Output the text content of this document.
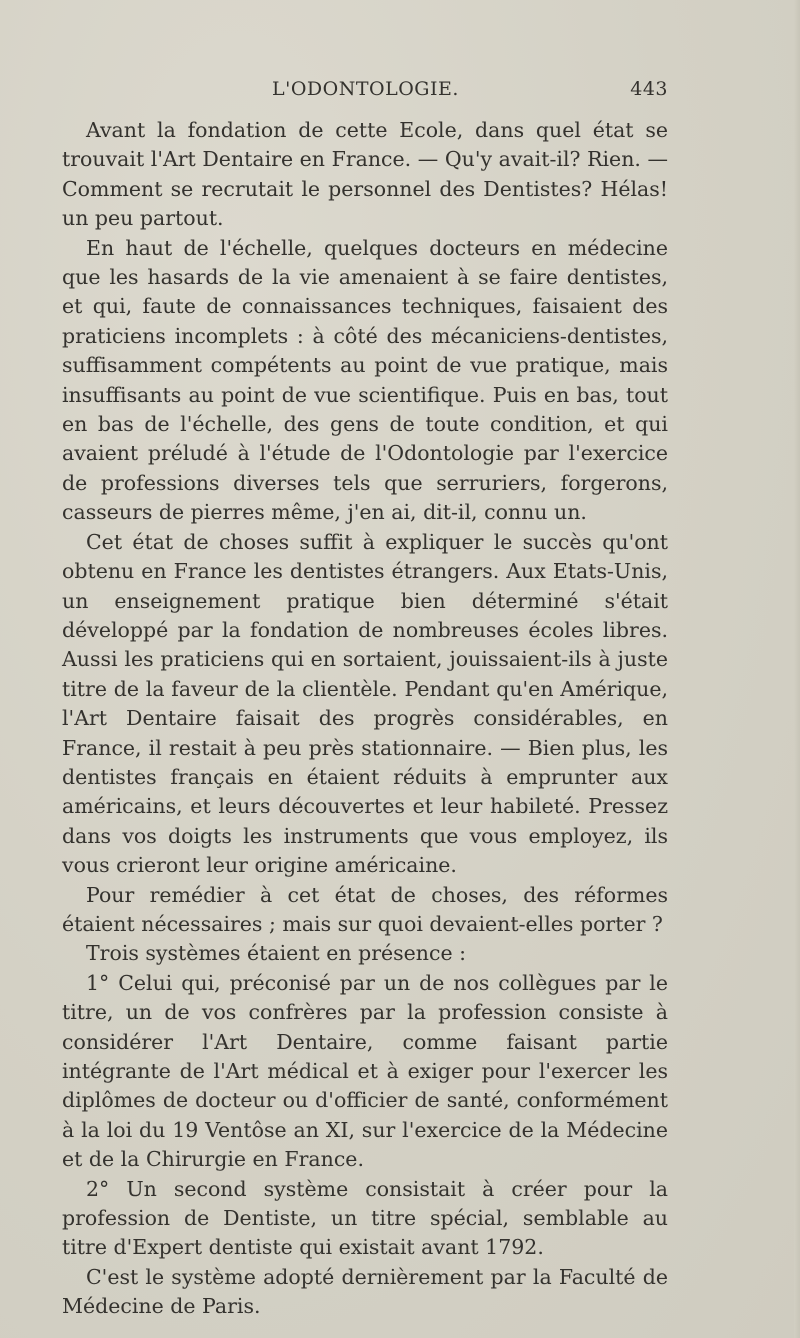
L'ODONTOLOGIE.	443

Avant la fondation de cette Ecole, dans quel état se trouvait l'Art Dentaire en France. — Qu'y avait-il? Rien. — Comment se recrutait le personnel des Dentistes? Hélas! un peu partout.

En haut de l'échelle, quelques docteurs en médecine que les hasards de la vie amenaient à se faire dentistes, et qui, faute de connaissances techniques, faisaient des praticiens incomplets : à côté des mécaniciens-dentistes, suffisamment compétents au point de vue pratique, mais insuffisants au point de vue scientifique. Puis en bas, tout en bas de l'échelle, des gens de toute condition, et qui avaient préludé à l'étude de l'Odontologie par l'exercice de professions diverses tels que serruriers, forgerons, casseurs de pierres même, j'en ai, dit-il, connu un.

Cet état de choses suffit à expliquer le succès qu'ont obtenu en France les dentistes étrangers. Aux Etats-Unis, un enseignement pratique bien déterminé s'était développé par la fondation de nombreuses écoles libres. Aussi les praticiens qui en sortaient, jouissaient-ils à juste titre de la faveur de la clientèle. Pendant qu'en Amérique, l'Art Dentaire faisait des progrès considérables, en France, il restait à peu près stationnaire. — Bien plus, les dentistes français en étaient réduits à emprunter aux américains, et leurs découvertes et leur habileté. Pressez dans vos doigts les instruments que vous employez, ils vous crieront leur origine américaine.

Pour remédier à cet état de choses, des réformes étaient nécessaires ; mais sur quoi devaient-elles porter ?

Trois systèmes étaient en présence :

1° Celui qui, préconisé par un de nos collègues par le titre, un de vos confrères par la profession consiste à considérer l'Art Dentaire, comme faisant partie intégrante de l'Art médical et à exiger pour l'exercer les diplômes de docteur ou d'officier de santé, conformément à la loi du 19 Ventôse an XI, sur l'exercice de la Médecine et de la Chirurgie en France.

2° Un second système consistait à créer pour la profession de Dentiste, un titre spécial, semblable au titre d'Expert dentiste qui existait avant 1792.

C'est le système adopté dernièrement par la Faculté de Médecine de Paris.
